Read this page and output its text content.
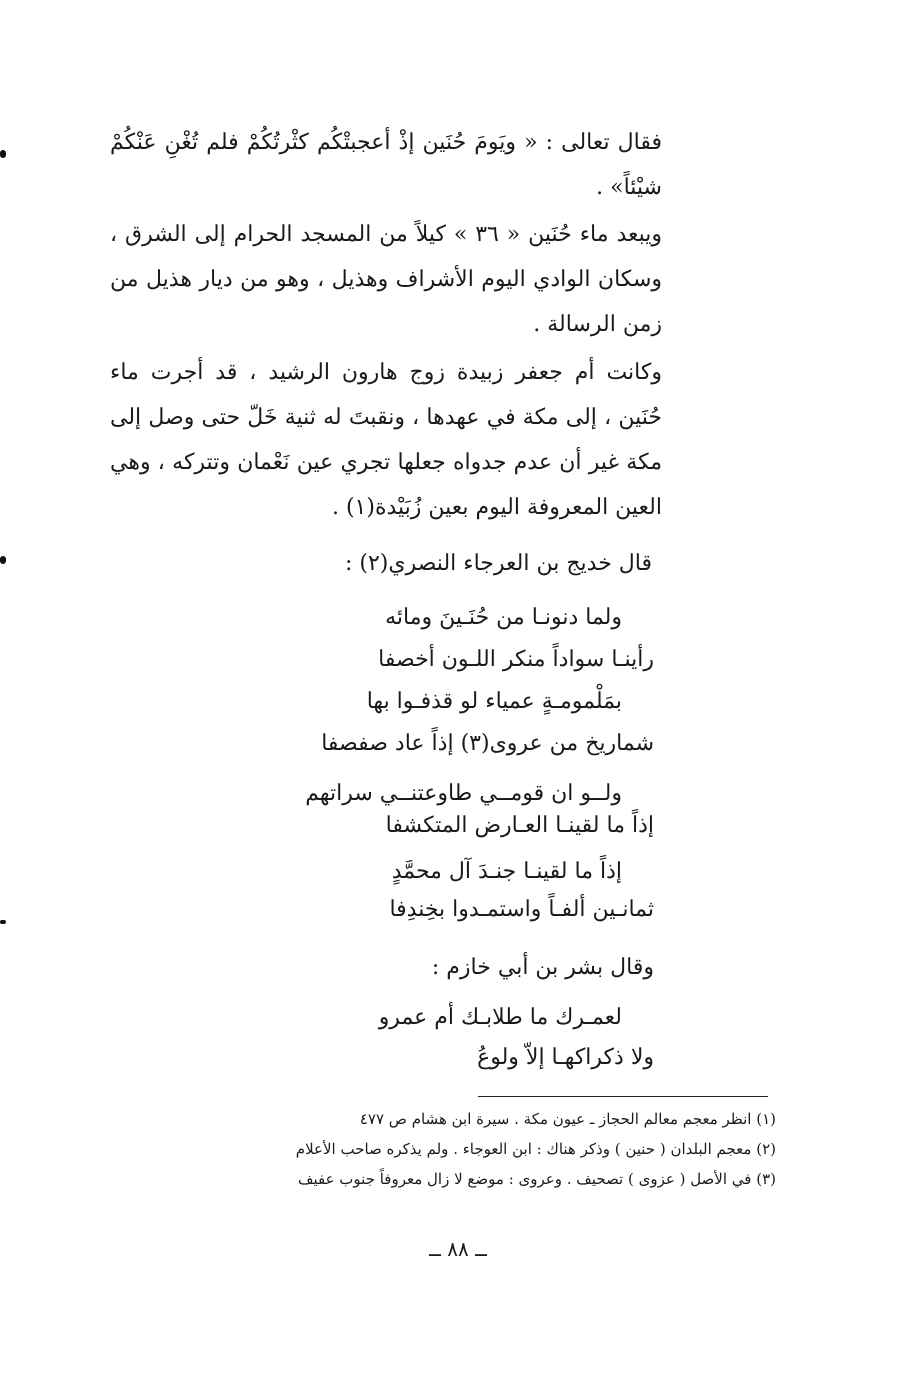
فقال تعالى : « ويَومَ حُنَين إذْ أعجبتْكُم كثْرتُكُمْ فلم تُغْنِ عَنْكُمْ شيْئاً» .

ويبعد ماء حُنَين « ٣٦ » كيلاً من المسجد الحرام إلى الشرق ، وسكان الوادي اليوم الأشراف وهذيل ، وهو من ديار هذيل من زمن الرسالة .

وكانت أم جعفر زبيدة زوج هارون الرشيد ، قد أجرت ماء حُنَين ، إلى مكة في عهدها ، ونقبتَ له ثنية خَلّ حتى وصل إلى مكة غير أن عدم جدواه جعلها تجري عين نَعْمان وتتركه ، وهي العين المعروفة اليوم بعين زُبَيْدة(١) .

قال خديج بن العرجاء النصري(٢) :
ولما دنونـا من حُنَـينَ ومائه
رأينـا سواداً منكر اللـون أخصفا
بمَلْمومـةٍ عمياء لو قذفـوا بها
شماريخ من عروى(٣) إذاً عاد صفصفا
ولــو ان قومــي طاوعتنــي سراتهم
إذاً ما لقينـا العـارض المتكشفا
إذاً ما لقينـا جنـدَ آل محمَّدٍ
ثمانـين ألفـاً واستمـدوا بخِندِفا
وقال بشر بن أبي خازم :
لعمـرك ما طلابـك أم عمرو
ولا ذكراكهـا إلاّ ولوعُ
(١) انظر معجم معالم الحجاز ـ عيون مكة . سيرة ابن هشام ص ٤٧٧
(٢) معجم البلدان ( حنين ) وذكر هناك : ابن العوجاء . ولم يذكره صاحب الأعلام
(٣) في الأصل ( عزوى ) تصحيف . وعروى : موضع لا زال معروفاً جنوب عفيف
ــ ٨٨ ــ
